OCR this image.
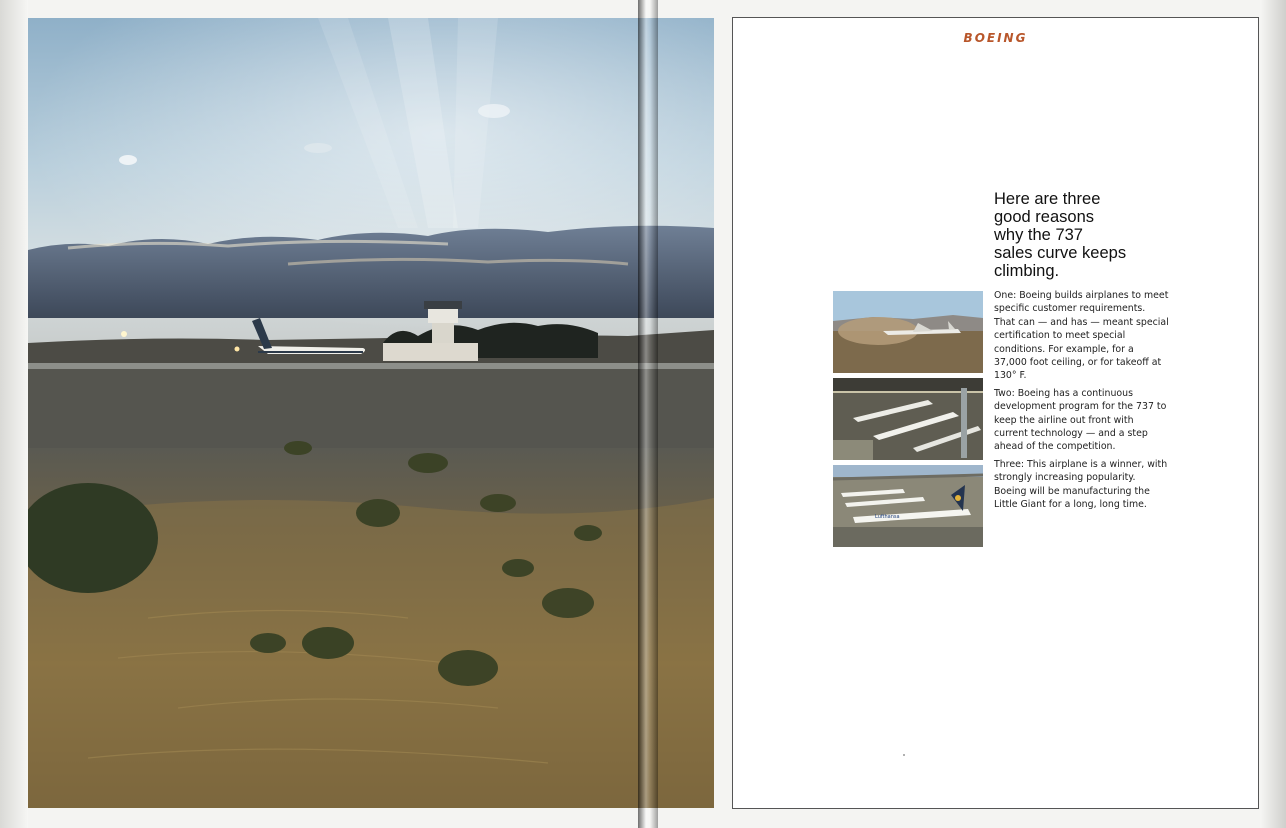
BOEING
Here are three
good reasons
why the 737
sales curve keeps
climbing.
Lufthansa

One: Boeing builds airplanes to meet specific customer requirements. That can — and has — meant special certification to meet special conditions. For example, for a 37,000 foot ceiling, or for takeoff at 130° F.

Two: Boeing has a continuous development program for the 737 to keep the airline out front with current technology — and a step ahead of the competition.

Three: This airplane is a winner, with strongly increasing popularity. Boeing will be manufacturing the Little Giant for a long, long time.
